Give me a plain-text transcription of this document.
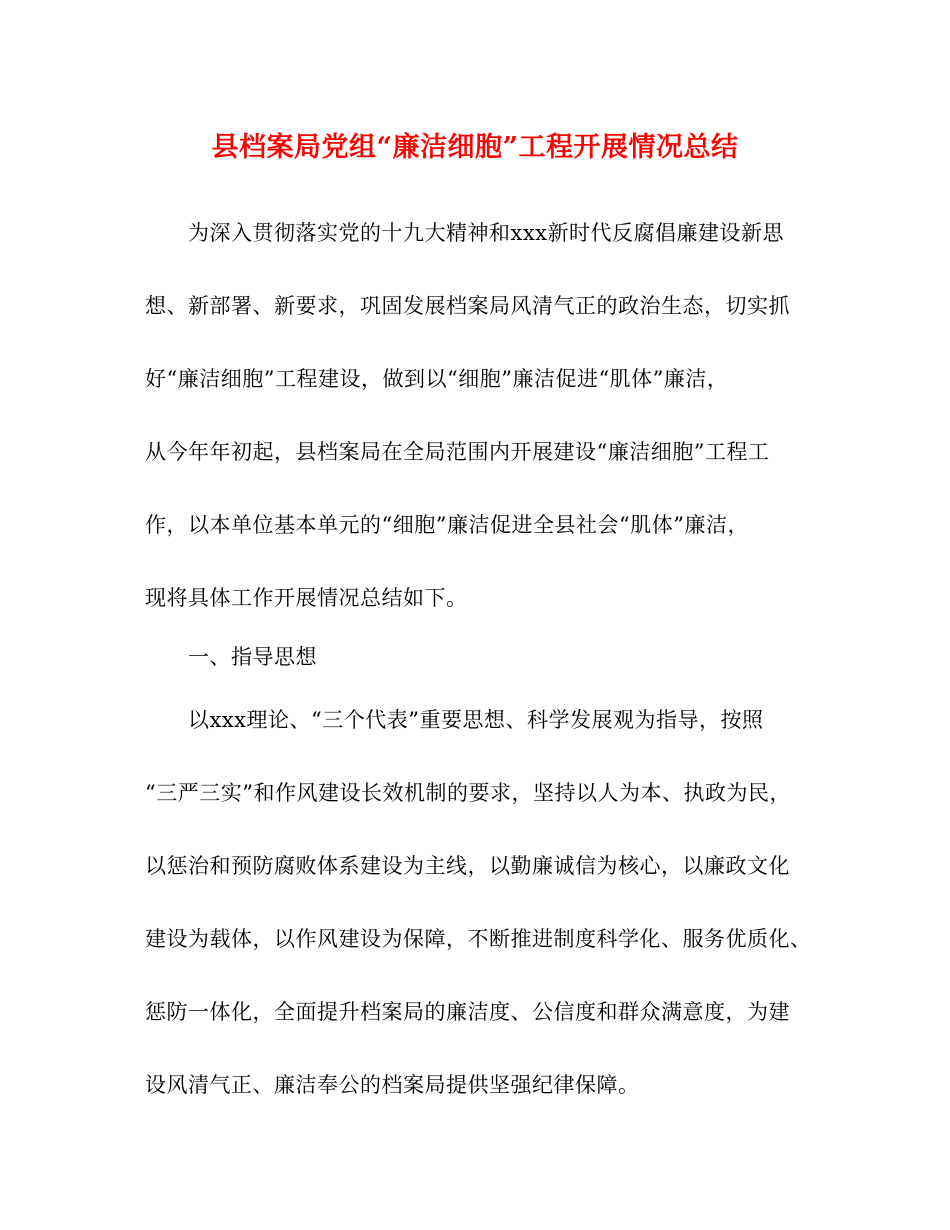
县档案局党组“廉洁细胞”工程开展情况总结
为深入贯彻落实党的十九大精神和xxx新时代反腐倡廉建设新思
想、新部署、新要求，巩固发展档案局风清气正的政治生态，切实抓
好“廉洁细胞”工程建设，做到以“细胞”廉洁促进“肌体”廉洁，
从今年年初起，县档案局在全局范围内开展建设“廉洁细胞”工程工
作，以本单位基本单元的“细胞”廉洁促进全县社会“肌体”廉洁，
现将具体工作开展情况总结如下。
一、指导思想
以xxx理论、“三个代表”重要思想、科学发展观为指导，按照
“三严三实”和作风建设长效机制的要求，坚持以人为本、执政为民，
以惩治和预防腐败体系建设为主线，以勤廉诚信为核心，以廉政文化
建设为载体，以作风建设为保障，不断推进制度科学化、服务优质化、
惩防一体化，全面提升档案局的廉洁度、公信度和群众满意度，为建
设风清气正、廉洁奉公的档案局提供坚强纪律保障。
